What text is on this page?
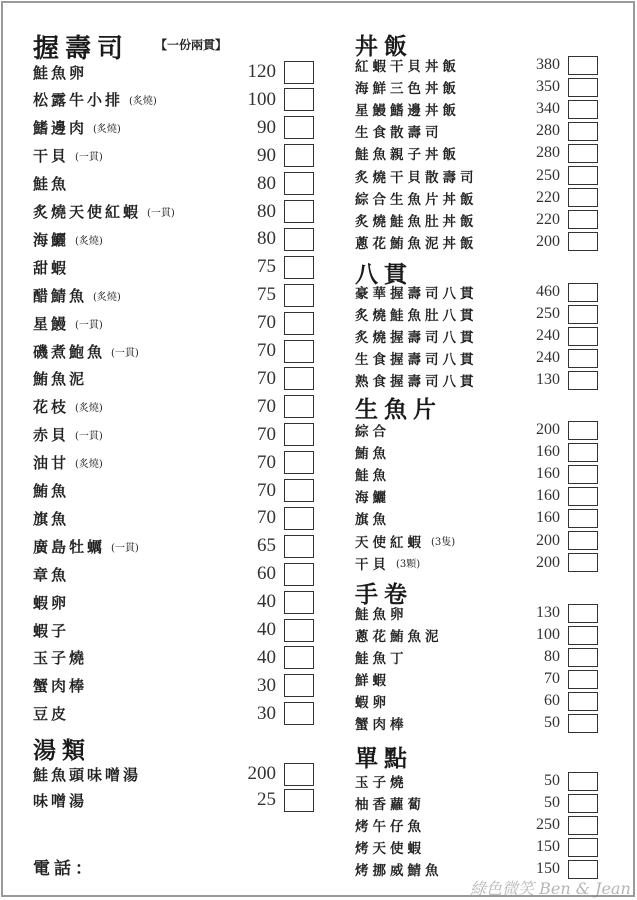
握壽司 【一份兩貫】
鮭魚卵	120
松露牛小排 (炙燒)	100
鰭邊肉 (炙燒)	90
干貝 (一貫)	90
鮭魚	80
炙燒天使紅蝦 (一貫)	80
海鱺 (炙燒)	80
甜蝦	75
醋鯖魚 (炙燒)	75
星鰻 (一貫)	70
磯煮鮑魚 (一貫)	70
鮪魚泥	70
花枝 (炙燒)	70
赤貝 (一貫)	70
油甘 (炙燒)	70
鮪魚	70
旗魚	70
廣島牡蠣 (一貫)	65
章魚	60
蝦卵	40
蝦子	40
玉子燒	40
蟹肉棒	30
豆皮	30
湯類
鮭魚頭味噌湯	200
味噌湯	25
電話：
丼飯
紅蝦干貝丼飯	380
海鮮三色丼飯	350
星鰻鰭邊丼飯	340
生食散壽司	280
鮭魚親子丼飯	280
炙燒干貝散壽司	250
綜合生魚片丼飯	220
炙燒鮭魚肚丼飯	220
蔥花鮪魚泥丼飯	200
八貫
豪華握壽司八貫	460
炙燒鮭魚肚八貫	250
炙燒握壽司八貫	240
生食握壽司八貫	240
熟食握壽司八貫	130
生魚片
綜合	200
鮪魚	160
鮭魚	160
海鱺	160
旗魚	160
天使紅蝦 (3隻)	200
干貝 (3顆)	200
手卷
鮭魚卵	130
蔥花鮪魚泥	100
鮭魚丁	80
鮮蝦	70
蝦卵	60
蟹肉棒	50
單點
玉子燒	50
柚香蘿蔔	50
烤午仔魚	250
烤天使蝦	150
烤挪威鯖魚	150
綠色微笑 Ben & Jean
